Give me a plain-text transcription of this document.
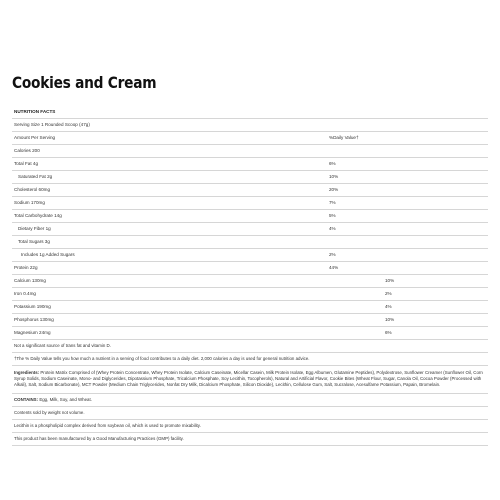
Cookies and Cream
NUTRITION FACTS
Serving Size 1 Rounded Scoop (47g)
Amount Per Serving	%Daily Value†
Calories 200
Total Fat 4g	6%
Saturated Fat 2g	10%
Cholesterol 60mg	20%
Sodium 170mg	7%
Total Carbohydrate 14g	5%
Dietary Fiber 1g	4%
Total Sugars 3g
Includes 1g Added Sugars	2%
Protein 22g	44%
Calcium 130mg	10%
Iron 0.4mg	2%
Potassium 190mg	4%
Phosphorus 130mg	10%
Magnesium 24mg	6%
Not a significant source of trans fat and vitamin D.
†The % Daily Value tells you how much a nutrient in a serving of food contributes to a daily diet. 2,000 calories a day is used for general nutrition advice.
Ingredients: Protein Matrix Comprised of (Whey Protein Concentrate, Whey Protein Isolate, Calcium Caseinate, Micellar Casein, Milk Protein Isolate, Egg Albumen, Glutamine Peptides), Polydextrose, Sunflower Creamer (Sunflower Oil, Corn Syrup Solids, Sodium Caseinate, Mono- and Diglycerides, Dipotassium Phosphate, Tricalcium Phosphate, Soy Lecithin, Tocopherols), Natural and Artificial Flavor, Cookie Bites (Wheat Flour, Sugar, Canola Oil, Cocoa Powder (Processed with Alkali), Salt, Sodium Bicarbonate), MCT Powder (Medium Chain Triglycerides, Nonfat Dry Milk, Dicalcium Phosphate, Silicon Dioxide), Lecithin, Cellulose Gum, Salt, Sucralose, Acesulfame Potassium, Papain, Bromelain.
CONTAINS: Egg, Milk, Soy, and Wheat.
Contents sold by weight not volume.
Lecithin is a phospholipid complex derived from soybean oil, which is used to promote mixability.
This product has been manufactured by a Good Manufacturing Practices (GMP) facility.
